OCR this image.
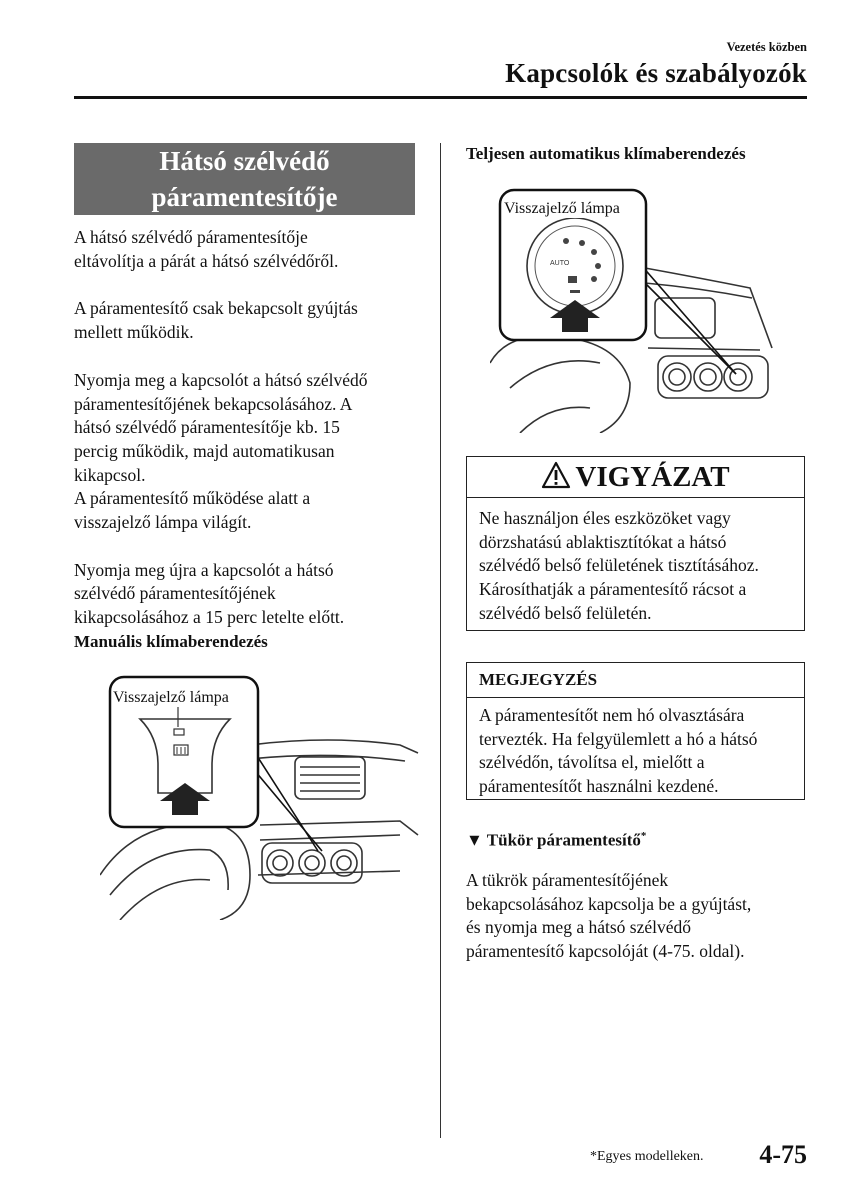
Vezetés közben
Kapcsolók és szabályozók
Hátsó szélvédő
páramentesítője

A hátsó szélvédő páramentesítője

eltávolítja a párát a hátsó szélvédőről.

A páramentesítő csak bekapcsolt gyújtás

mellett működik.

Nyomja meg a kapcsolót a hátsó szélvédő

páramentesítőjének bekapcsolásához. A

hátsó szélvédő páramentesítője kb. 15

percig működik, majd automatikusan

kikapcsol.

A páramentesítő működése alatt a

visszajelző lámpa világít.

Nyomja meg újra a kapcsolót a hátsó

szélvédő páramentesítőjének

kikapcsolásához a 15 perc letelte előtt.

Manuális klímaberendezés

Visszajelző lámpa
Teljesen automatikus klímaberendezés
AUTO
Visszajelző lámpa
VIGYÁZAT
Ne használjon éles eszközöket vagy
dörzshatású ablaktisztítókat a hátsó
szélvédő belső felületének tisztításához.
Károsíthatják a páramentesítő rácsot a
szélvédő belső felületén.
MEGJEGYZÉS
A páramentesítőt nem hó olvasztására
tervezték. Ha felgyülemlett a hó a hátsó
szélvédőn, távolítsa el, mielőtt a
páramentesítőt használni kezdené.
▼ Tükör páramentesítő*

A tükrök páramentesítőjének

bekapcsolásához kapcsolja be a gyújtást,

és nyomja meg a hátsó szélvédő

páramentesítő kapcsolóját (4-75. oldal).

*Egyes modelleken. 4-75
